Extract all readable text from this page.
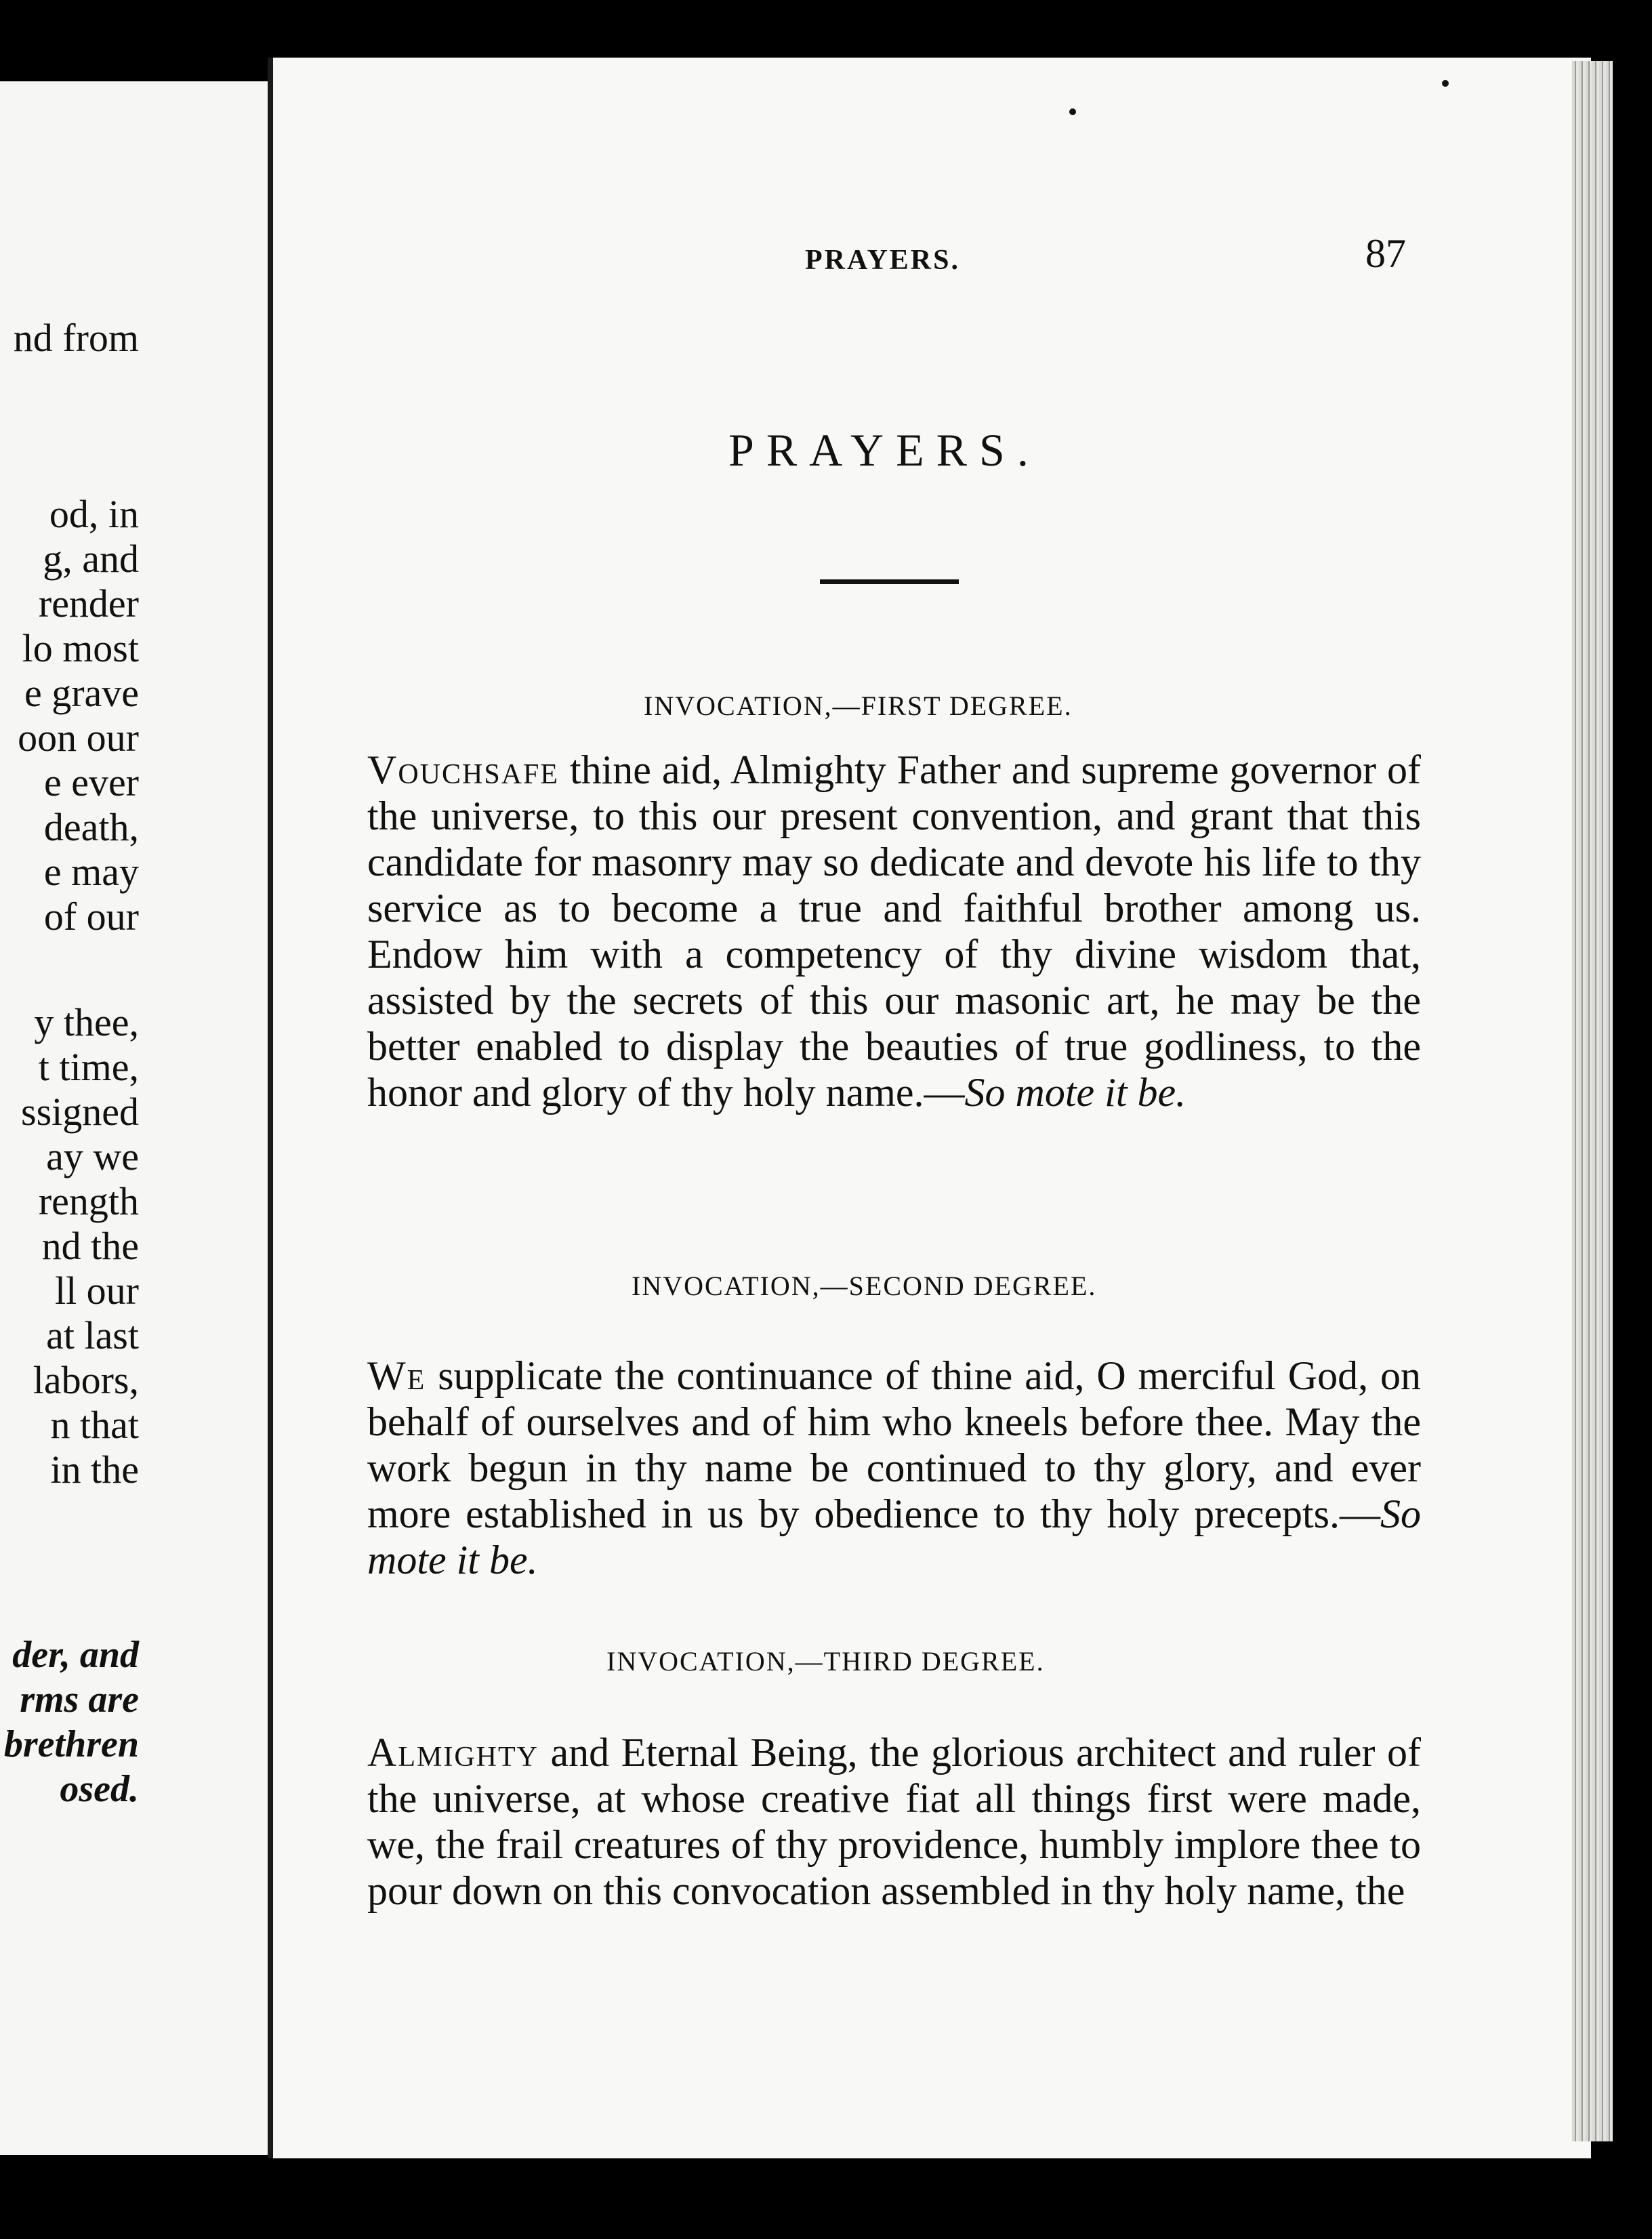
nd from
od, in
g, and
render
lo most
e grave
oon our
e ever
death,
e may
of our
y thee,
t time,
ssigned
ay we
rength
nd the
ll our
at last
labors,
n that
in the
der, and
rms are
brethren
osed.
PRAYERS.	87
PRAYERS.
INVOCATION,—FIRST DEGREE.
Vouchsafe thine aid, Almighty Father and supreme governor of the universe, to this our present convention, and grant that this candidate for masonry may so dedicate and devote his life to thy service as to become a true and faithful brother among us. Endow him with a competency of thy divine wisdom that, assisted by the secrets of this our masonic art, he may be the better enabled to display the beauties of true godliness, to the honor and glory of thy holy name.—So mote it be.
INVOCATION,—SECOND DEGREE.
We supplicate the continuance of thine aid, O merciful God, on behalf of ourselves and of him who kneels before thee. May the work begun in thy name be continued to thy glory, and ever more established in us by obedience to thy holy precepts.—So mote it be.
INVOCATION,—THIRD DEGREE.
Almighty and Eternal Being, the glorious architect and ruler of the universe, at whose creative fiat all things first were made, we, the frail creatures of thy providence, humbly implore thee to pour down on this convocation assembled in thy holy name, the
